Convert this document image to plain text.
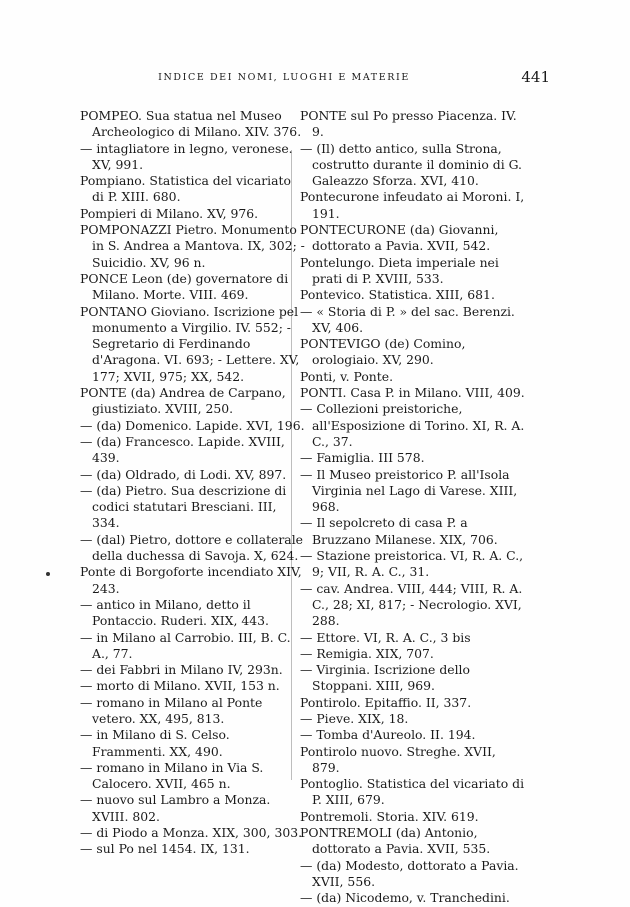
INDICE DEI NOMI, LUOGHI E MATERIE	441

POMPEO. Sua statua nel Museo Archeologico di Milano. XIV. 376.

— intagliatore in legno, veronese. XV, 991.

Pompiano. Statistica del vicariato di P. XIII. 680.

Pompieri di Milano. XV, 976.

POMPONAZZI Pietro. Monumento in S. Andrea a Mantova. IX, 302; - Suicidio. XV, 96 n.

PONCE Leon (de) governatore di Milano. Morte. VIII. 469.

PONTANO Gioviano. Iscrizione pel monumento a Virgilio. IV. 552; - Segretario di Ferdinando d'Aragona. VI. 693; - Lettere. XV, 177; XVII, 975; XX, 542.

PONTE (da) Andrea de Carpano, giustiziato. XVIII, 250.

— (da) Domenico. Lapide. XVI, 196.

— (da) Francesco. Lapide. XVIII, 439.

— (da) Oldrado, di Lodi. XV, 897.

— (da) Pietro. Sua descrizione di codici statutari Bresciani. III, 334.

— (dal) Pietro, dottore e collaterale della duchessa di Savoja. X, 624.

Ponte di Borgoforte incendiato XIV, 243.

— antico in Milano, detto il Pontaccio. Ruderi. XIX, 443.

— in Milano al Carrobio. III, B. C. A., 77.

— dei Fabbri in Milano IV, 293n.

— morto di Milano. XVII, 153 n.

— romano in Milano al Ponte vetero. XX, 495, 813.

— in Milano di S. Celso. Frammenti. XX, 490.

— romano in Milano in Via S. Calocero. XVII, 465 n.

— nuovo sul Lambro a Monza. XVIII. 802.

— di Piodo a Monza. XIX, 300, 303.

— sul Po nel 1454. IX, 131.

PONTE sul Po presso Piacenza. IV. 9.

— (Il) detto antico, sulla Strona, costrutto durante il dominio di G. Galeazzo Sforza. XVI, 410.

Pontecurone infeudato ai Moroni. I, 191.

PONTECURONE (da) Giovanni, dottorato a Pavia. XVII, 542.

Pontelungo. Dieta imperiale nei prati di P. XVIII, 533.

Pontevico. Statistica. XIII, 681.

— « Storia di P. » del sac. Berenzi. XV, 406.

PONTEVIGO (de) Comino, orologiaio. XV, 290.

Ponti, v. Ponte.

PONTI. Casa P. in Milano. VIII, 409.

— Collezioni preistoriche, all'Esposizione di Torino. XI, R. A. C., 37.

— Famiglia. III 578.

— Il Museo preistorico P. all'Isola Virginia nel Lago di Varese. XIII, 968.

— Il sepolcreto di casa P. a Bruzzano Milanese. XIX, 706.

— Stazione preistorica. VI, R. A. C., 9; VII, R. A. C., 31.

— cav. Andrea. VIII, 444; VIII, R. A. C., 28; XI, 817; - Necrologio. XVI, 288.

— Ettore. VI, R. A. C., 3 bis

— Remigia. XIX, 707.

— Virginia. Iscrizione dello Stoppani. XIII, 969.

Pontirolo. Epitaffio. II, 337.

— Pieve. XIX, 18.

— Tomba d'Aureolo. II. 194.

Pontirolo nuovo. Streghe. XVII, 879.

Pontoglio. Statistica del vicariato di P. XIII, 679.

Pontremoli. Storia. XIV. 619.

PONTREMOLI (da) Antonio, dottorato a Pavia. XVII, 535.

— (da) Modesto, dottorato a Pavia. XVII, 556.

— (da) Nicodemo, v. Tranchedini.
